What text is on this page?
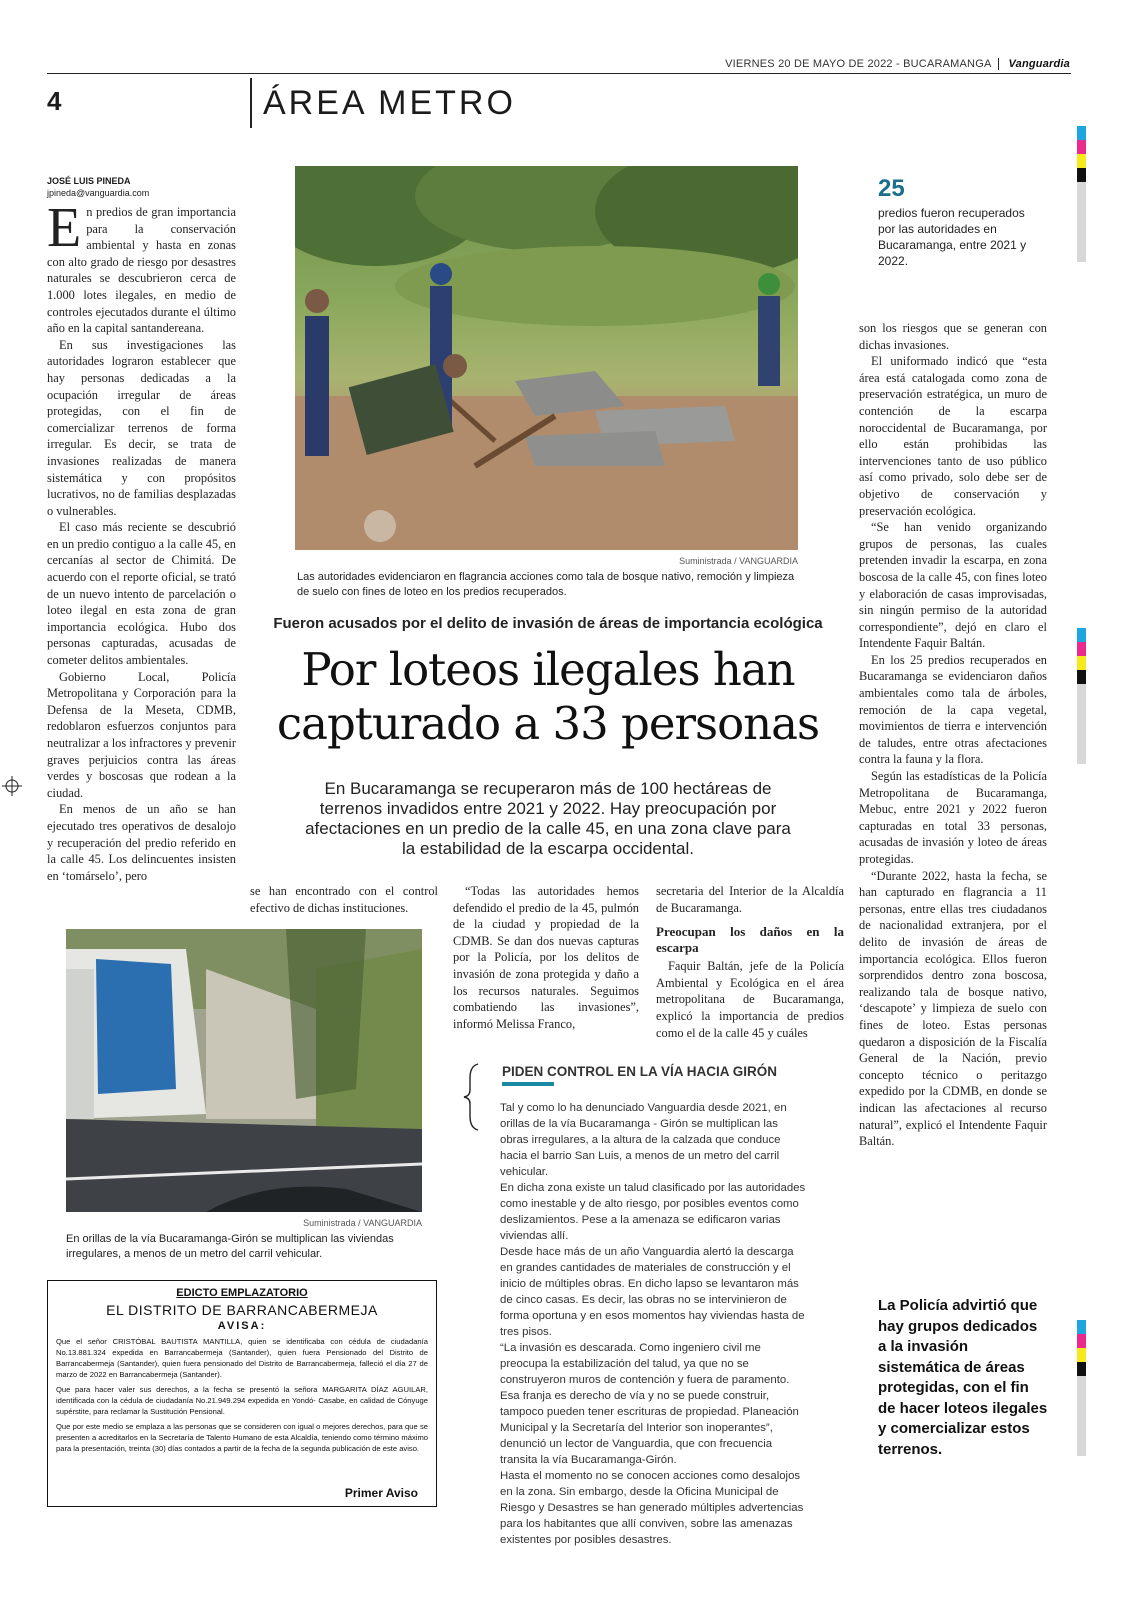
VIERNES 20 DE MAYO DE 2022 - BUCARAMANGA Vanguardia
4	ÁREA METRO
JOSÉ LUIS PINEDA
jpineda@vanguardia.com

En predios de gran importancia para la conservación ambiental y hasta en zonas con alto grado de riesgo por desastres naturales se descubrieron cerca de 1.000 lotes ilegales, en medio de controles ejecutados durante el último año en la capital santandereana.

En sus investigaciones las autoridades lograron establecer que hay personas dedicadas a la ocupación irregular de áreas protegidas, con el fin de comercializar terrenos de forma irregular. Es decir, se trata de invasiones realizadas de manera sistemática y con propósitos lucrativos, no de familias desplazadas o vulnerables.

El caso más reciente se descubrió en un predio contiguo a la calle 45, en cercanías al sector de Chimitá. De acuerdo con el reporte oficial, se trató de un nuevo intento de parcelación o loteo ilegal en esta zona de gran importancia ecológica. Hubo dos personas capturadas, acusadas de cometer delitos ambientales.

Gobierno Local, Policía Metropolitana y Corporación para la Defensa de la Meseta, CDMB, redoblaron esfuerzos conjuntos para neutralizar a los infractores y prevenir graves perjuicios contra las áreas verdes y boscosas que rodean a la ciudad.

En menos de un año se han ejecutado tres operativos de desalojo y recuperación del predio referido en la calle 45. Los delincuentes insisten en ‘tomárselo’, pero

Suministrada / VANGUARDIA
Las autoridades evidenciaron en flagrancia acciones como tala de bosque nativo, remoción y limpieza de suelo con fines de loteo en los predios recuperados.
Fueron acusados por el delito de invasión de áreas de importancia ecológica
Por loteos ilegales han
capturado a 33 personas
En Bucaramanga se recuperaron más de 100 hectáreas de terrenos invadidos entre 2021 y 2022. Hay preocupación por afectaciones en un predio de la calle 45, en una zona clave para la estabilidad de la escarpa occidental.
25
predios fueron recuperados por las autoridades en Bucaramanga, entre 2021 y 2022.

se han encontrado con el control efectivo de dichas instituciones.

“Todas las autoridades hemos defendido el predio de la 45, pulmón de la ciudad y propiedad de la CDMB. Se dan dos nuevas capturas por la Policía, por los delitos de invasión de zona protegida y daño a los recursos naturales. Seguimos combatiendo las invasiones”, informó Melissa Franco,

secretaria del Interior de la Alcaldía de Bucaramanga.

Preocupan los daños en la escarpa

Faquir Baltán, jefe de la Policía Ambiental y Ecológica en el área metropolitana de Bucaramanga, explicó la importancia de predios como el de la calle 45 y cuáles

son los riesgos que se generan con dichas invasiones.

El uniformado indicó que “esta área está catalogada como zona de preservación estratégica, un muro de contención de la escarpa noroccidental de Bucaramanga, por ello están prohibidas las intervenciones tanto de uso público así como privado, solo debe ser de objetivo de conservación y preservación ecológica.

“Se han venido organizando grupos de personas, las cuales pretenden invadir la escarpa, en zona boscosa de la calle 45, con fines loteo y elaboración de casas improvisadas, sin ningún permiso de la autoridad correspondiente”, dejó en claro el Intendente Faquir Baltán.

En los 25 predios recuperados en Bucaramanga se evidenciaron daños ambientales como tala de árboles, remoción de la capa vegetal, movimientos de tierra e intervención de taludes, entre otras afectaciones contra la fauna y la flora.

Según las estadísticas de la Policía Metropolitana de Bucaramanga, Mebuc, entre 2021 y 2022 fueron capturadas en total 33 personas, acusadas de invasión y loteo de áreas protegidas.

“Durante 2022, hasta la fecha, se han capturado en flagrancia a 11 personas, entre ellas tres ciudadanos de nacionalidad extranjera, por el delito de invasión de áreas de importancia ecológica. Ellos fueron sorprendidos dentro zona boscosa, realizando tala de bosque nativo, ‘descapote’ y limpieza de suelo con fines de loteo. Estas personas quedaron a disposición de la Fiscalía General de la Nación, previo concepto técnico o peritazgo expedido por la CDMB, en donde se indican las afectaciones al recurso natural”, explicó el Intendente Faquir Baltán.

PIDEN CONTROL EN LA VÍA HACIA GIRÓN

Tal y como lo ha denunciado Vanguardia desde 2021, en orillas de la vía Bucaramanga - Girón se multiplican las obras irregulares, a la altura de la calzada que conduce hacia el barrio San Luis, a menos de un metro del carril vehicular.

En dicha zona existe un talud clasificado por las autoridades como inestable y de alto riesgo, por posibles eventos como deslizamientos. Pese a la amenaza se edificaron varias viviendas allí.

Desde hace más de un año Vanguardia alertó la descarga en grandes cantidades de materiales de construcción y el inicio de múltiples obras. En dicho lapso se levantaron más de cinco casas. Es decir, las obras no se intervinieron de forma oportuna y en esos momentos hay viviendas hasta de tres pisos.

“La invasión es descarada. Como ingeniero civil me preocupa la estabilización del talud, ya que no se construyeron muros de contención y fuera de paramento. Esa franja es derecho de vía y no se puede construir, tampoco pueden tener escrituras de propiedad. Planeación Municipal y la Secretaría del Interior son inoperantes”, denunció un lector de Vanguardia, que con frecuencia transita la vía Bucaramanga-Girón.

Hasta el momento no se conocen acciones como desalojos en la zona. Sin embargo, desde la Oficina Municipal de Riesgo y Desastres se han generado múltiples advertencias para los habitantes que allí conviven, sobre las amenazas existentes por posibles desastres.

Suministrada / VANGUARDIA
En orillas de la vía Bucaramanga-Girón se multiplican las viviendas irregulares, a menos de un metro del carril vehicular.
EDICTO EMPLAZATORIO
EL DISTRITO DE BARRANCABERMEJA
AVISA:
Que el señor CRISTÓBAL BAUTISTA MANTILLA, quien se identificaba con cédula de ciudadanía No.13.881.324 expedida en Barrancabermeja (Santander), quien fuera Pensionado del Distrito de Barrancabermeja (Santander), quien fuera pensionado del Distrito de Barrancabermeja, falleció el día 27 de marzo de 2022 en Barrancabermeja (Santander).
Que para hacer valer sus derechos, a la fecha se presentó la señora MARGARITA DÍAZ AGUILAR, identificada con la cédula de ciudadanía No.21.949.294 expedida en Yondó- Casabe, en calidad de Cónyuge supérstite, para reclamar la Sustitución Pensional.
Que por este medio se emplaza a las personas que se consideren con igual o mejores derechos, para que se presenten a acreditarlos en la Secretaría de Talento Humano de esta Alcaldía, teniendo como término máximo para la presentación, treinta (30) días contados a partir de la fecha de la segunda publicación de este aviso.
Primer Aviso
La Policía advirtió que hay grupos dedicados a la invasión sistemática de áreas protegidas, con el fin de hacer loteos ilegales y comercializar estos terrenos.
